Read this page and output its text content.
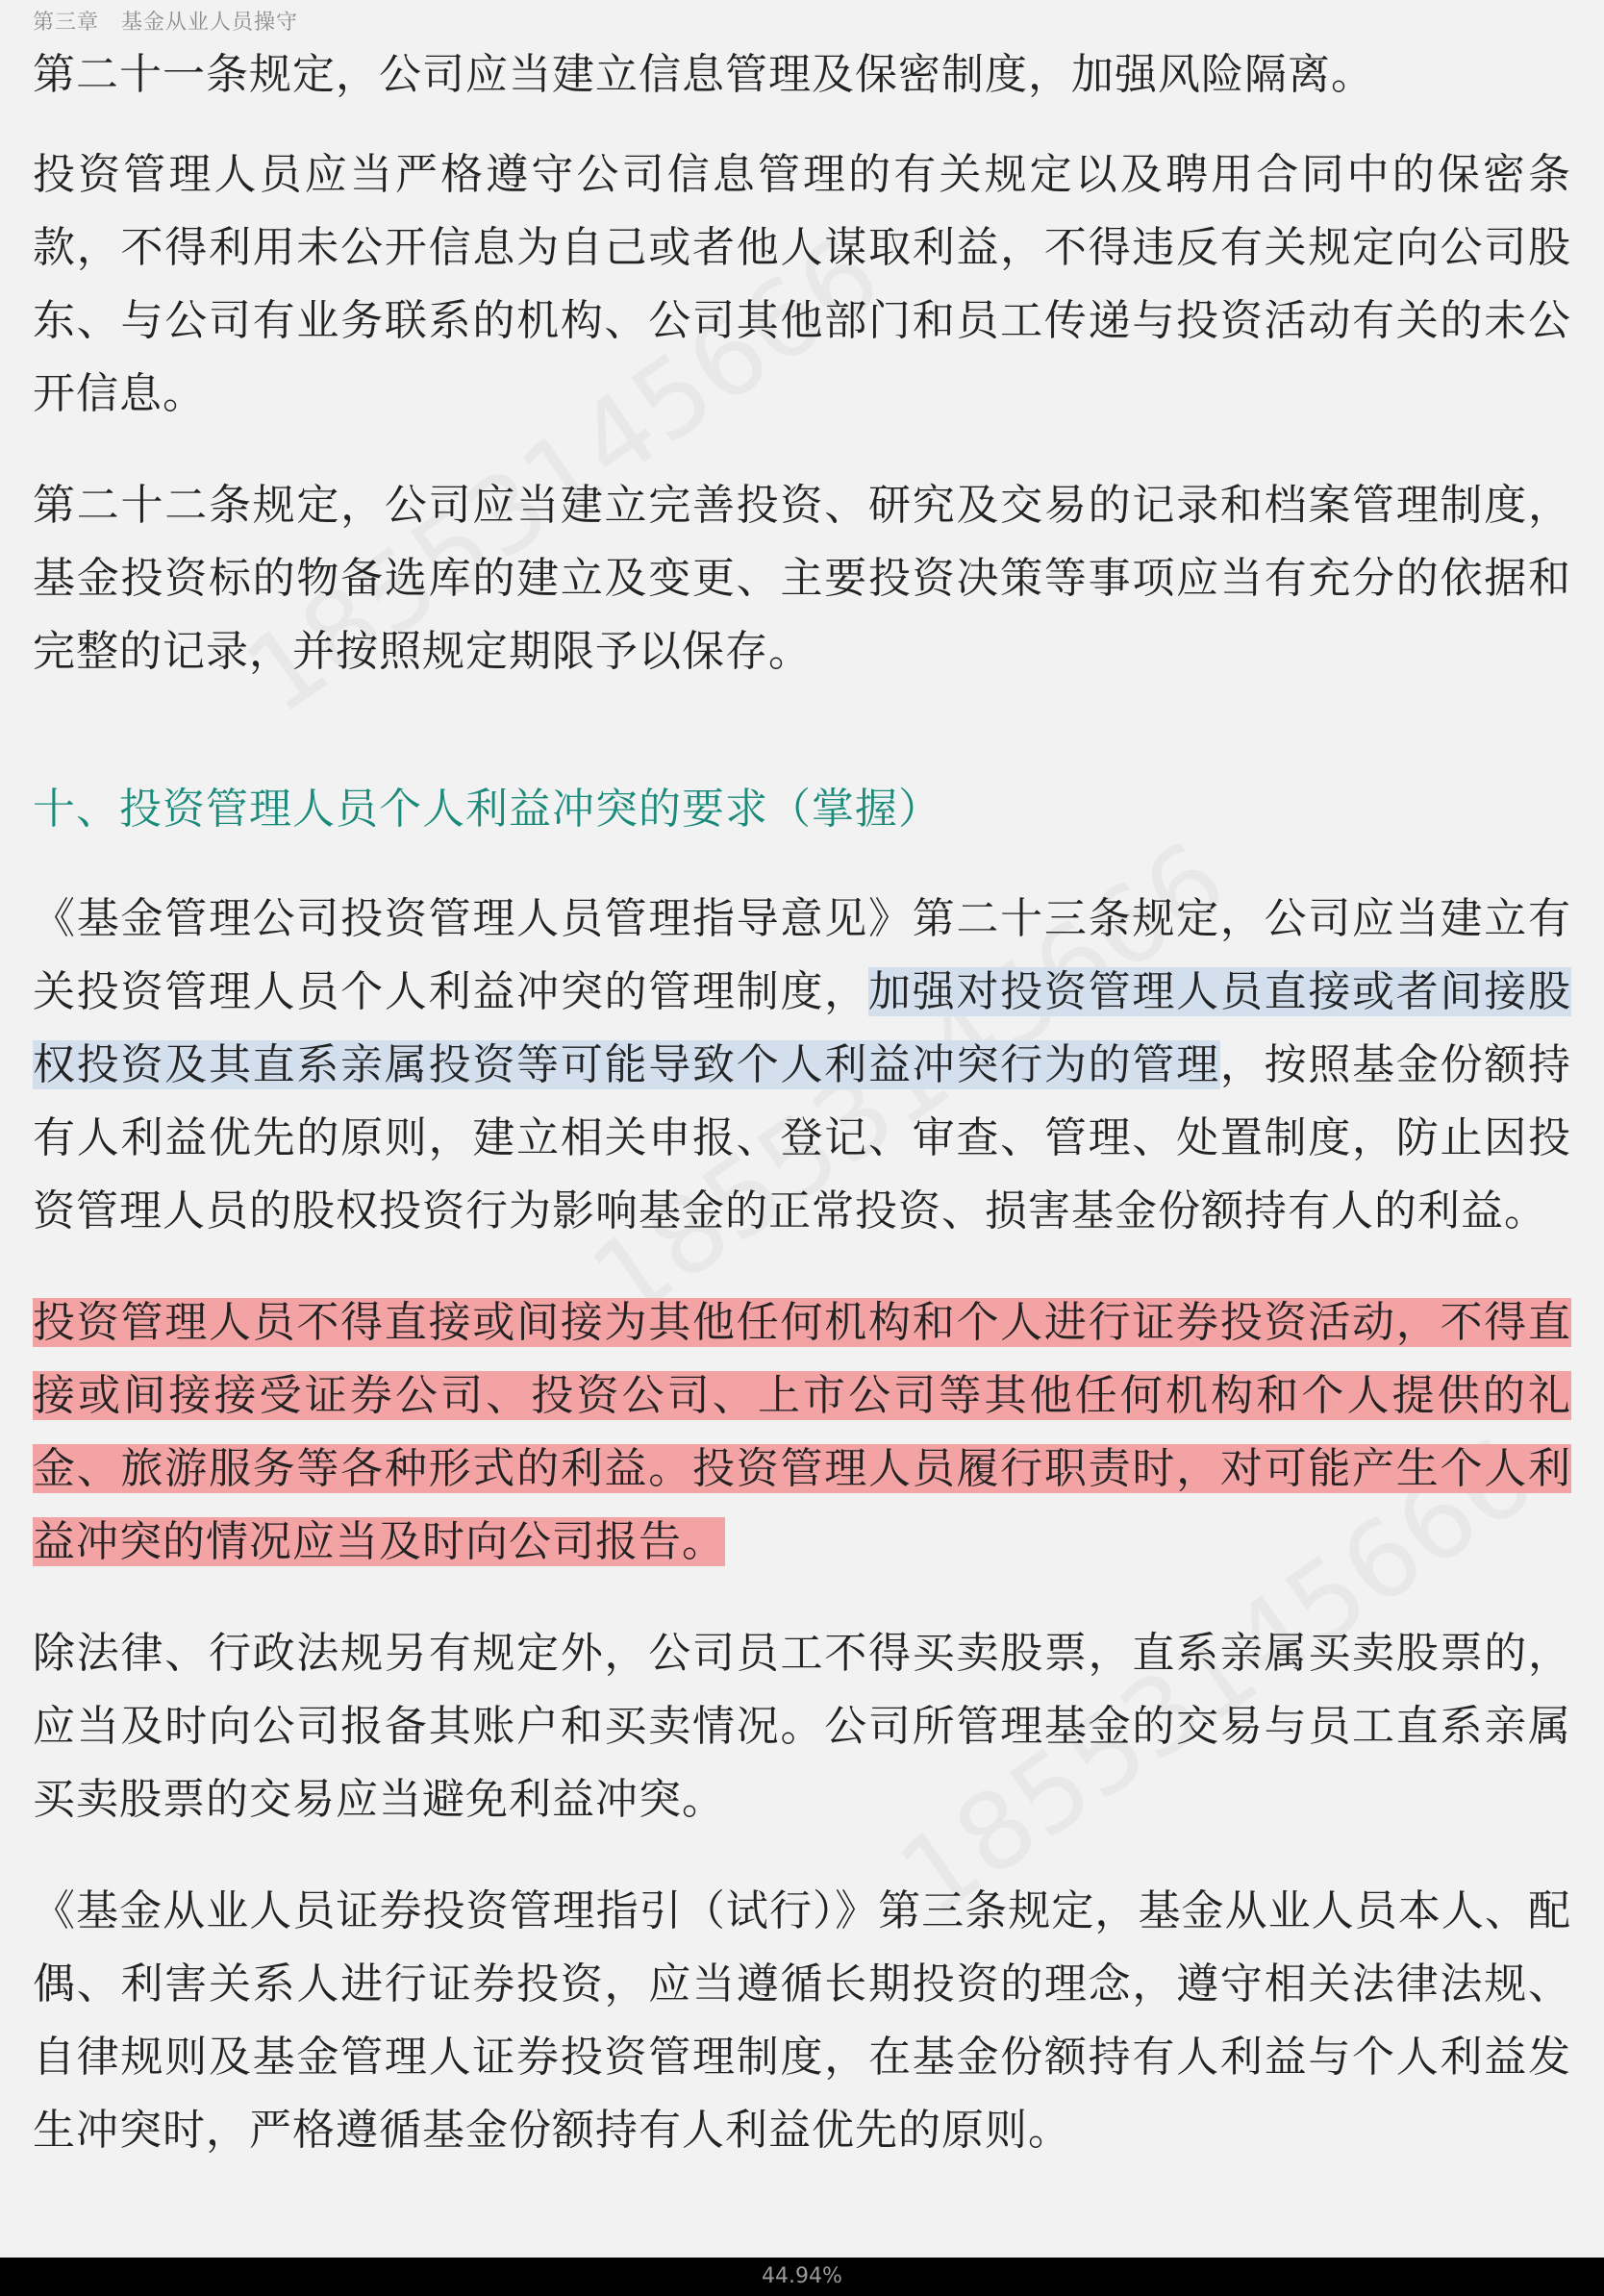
第三章　基金从业人员操守

第二十一条规定，公司应当建立信息管理及保密制度，加强风险隔离。

投资管理人员应当严格遵守公司信息管理的有关规定以及聘用合同中的保密条款，不得利用未公开信息为自己或者他人谋取利益，不得违反有关规定向公司股东、与公司有业务联系的机构、公司其他部门和员工传递与投资活动有关的未公开信息。

第二十二条规定，公司应当建立完善投资、研究及交易的记录和档案管理制度，基金投资标的物备选库的建立及变更、主要投资决策等事项应当有充分的依据和完整的记录，并按照规定期限予以保存。

十、投资管理人员个人利益冲突的要求（掌握）

《基金管理公司投资管理人员管理指导意见》第二十三条规定，公司应当建立有关投资管理人员个人利益冲突的管理制度，加强对投资管理人员直接或者间接股权投资及其直系亲属投资等可能导致个人利益冲突行为的管理，按照基金份额持有人利益优先的原则，建立相关申报、登记、审查、管理、处置制度，防止因投资管理人员的股权投资行为影响基金的正常投资、损害基金份额持有人的利益。

投资管理人员不得直接或间接为其他任何机构和个人进行证券投资活动，不得直接或间接接受证券公司、投资公司、上市公司等其他任何机构和个人提供的礼金、旅游服务等各种形式的利益。投资管理人员履行职责时，对可能产生个人利益冲突的情况应当及时向公司报告。

除法律、行政法规另有规定外，公司员工不得买卖股票，直系亲属买卖股票的，应当及时向公司报备其账户和买卖情况。公司所管理基金的交易与员工直系亲属买卖股票的交易应当避免利益冲突。

《基金从业人员证券投资管理指引（试行）》第三条规定，基金从业人员本人、配偶、利害关系人进行证券投资，应当遵循长期投资的理念，遵守相关法律法规、自律规则及基金管理人证券投资管理制度，在基金份额持有人利益与个人利益发生冲突时，严格遵循基金份额持有人利益优先的原则。

44.94%
